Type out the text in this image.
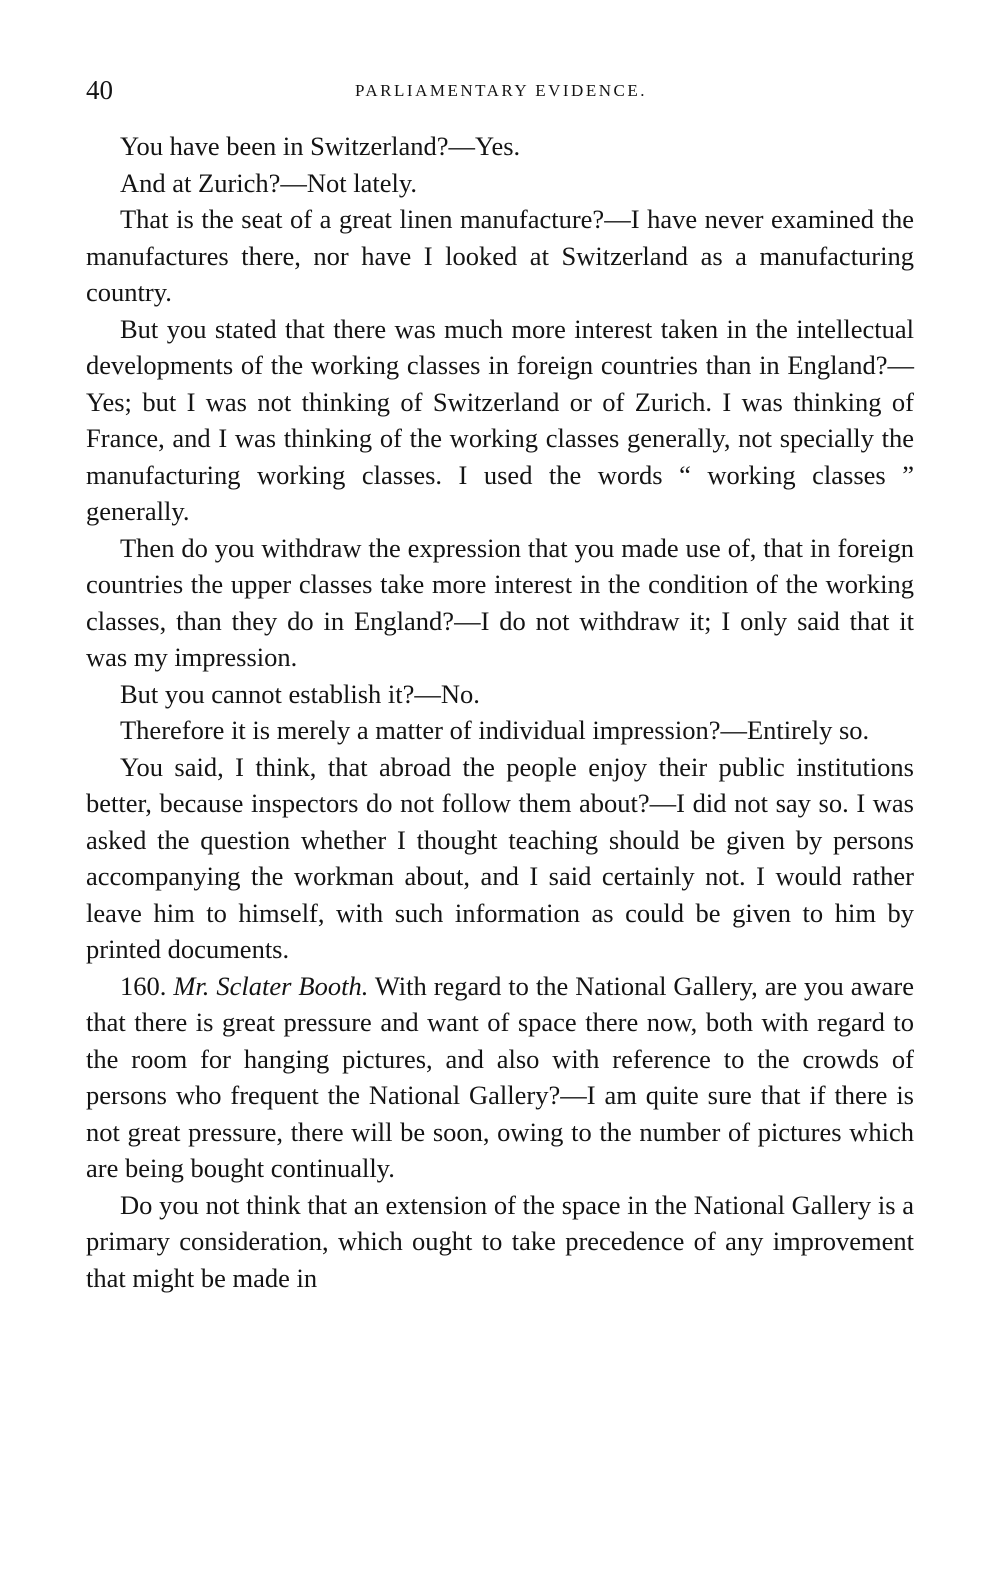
40	PARLIAMENTARY EVIDENCE.

You have been in Switzerland?—Yes.

And at Zurich?—Not lately.

That is the seat of a great linen manufacture?—I have never examined the manufactures there, nor have I looked at Switzerland as a manufacturing country.

But you stated that there was much more interest taken in the intellectual developments of the working classes in foreign countries than in England?—Yes; but I was not thinking of Switzerland or of Zurich. I was thinking of France, and I was thinking of the working classes generally, not specially the manufacturing working classes. I used the words “ working classes ” generally.

Then do you withdraw the expression that you made use of, that in foreign countries the upper classes take more interest in the condition of the working classes, than they do in England?—I do not withdraw it; I only said that it was my impression.

But you cannot establish it?—No.

Therefore it is merely a matter of individual impression?—Entirely so.

You said, I think, that abroad the people enjoy their public institutions better, because inspectors do not follow them about?—I did not say so. I was asked the question whether I thought teaching should be given by persons accompanying the workman about, and I said certainly not. I would rather leave him to himself, with such information as could be given to him by printed documents.

160. Mr. Sclater Booth. With regard to the National Gallery, are you aware that there is great pressure and want of space there now, both with regard to the room for hanging pictures, and also with reference to the crowds of persons who frequent the National Gallery?—I am quite sure that if there is not great pressure, there will be soon, owing to the number of pictures which are being bought continually.

Do you not think that an extension of the space in the National Gallery is a primary consideration, which ought to take precedence of any improvement that might be made in
